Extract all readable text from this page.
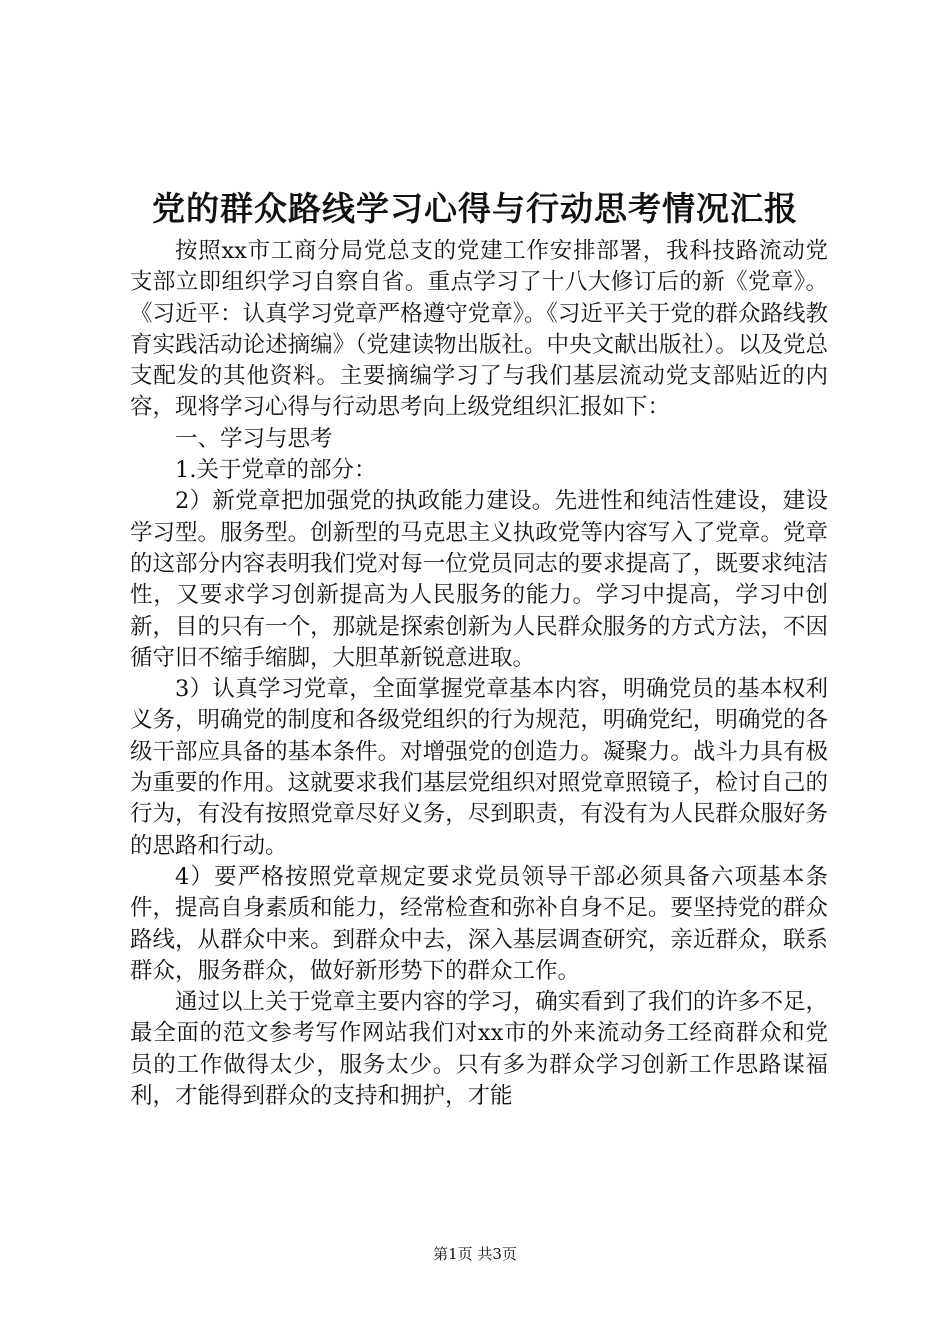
党的群众路线学习心得与行动思考情况汇报

按照xx市工商分局党总支的党建工作安排部署，我科技路流动党支部立即组织学习自察自省。重点学习了十八大修订后的新《党章》。《习近平：认真学习党章严格遵守党章》。《习近平关于党的群众路线教育实践活动论述摘编》（党建读物出版社。中央文献出版社）。以及党总支配发的其他资料。主要摘编学习了与我们基层流动党支部贴近的内容，现将学习心得与行动思考向上级党组织汇报如下：

一、学习与思考

1.关于党章的部分：

2）新党章把加强党的执政能力建设。先进性和纯洁性建设，建设学习型。服务型。创新型的马克思主义执政党等内容写入了党章。党章的这部分内容表明我们党对每一位党员同志的要求提高了，既要求纯洁性，又要求学习创新提高为人民服务的能力。学习中提高，学习中创新，目的只有一个，那就是探索创新为人民群众服务的方式方法，不因循守旧不缩手缩脚，大胆革新锐意进取。

3）认真学习党章，全面掌握党章基本内容，明确党员的基本权利义务，明确党的制度和各级党组织的行为规范，明确党纪，明确党的各级干部应具备的基本条件。对增强党的创造力。凝聚力。战斗力具有极为重要的作用。这就要求我们基层党组织对照党章照镜子，检讨自己的行为，有没有按照党章尽好义务，尽到职责，有没有为人民群众服好务的思路和行动。

4）要严格按照党章规定要求党员领导干部必须具备六项基本条件，提高自身素质和能力，经常检查和弥补自身不足。要坚持党的群众路线，从群众中来。到群众中去，深入基层调查研究，亲近群众，联系群众，服务群众，做好新形势下的群众工作。

通过以上关于党章主要内容的学习，确实看到了我们的许多不足，最全面的范文参考写作网站我们对xx市的外来流动务工经商群众和党员的工作做得太少，服务太少。只有多为群众学习创新工作思路谋福利，才能得到群众的支持和拥护，才能

第1页 共3页
